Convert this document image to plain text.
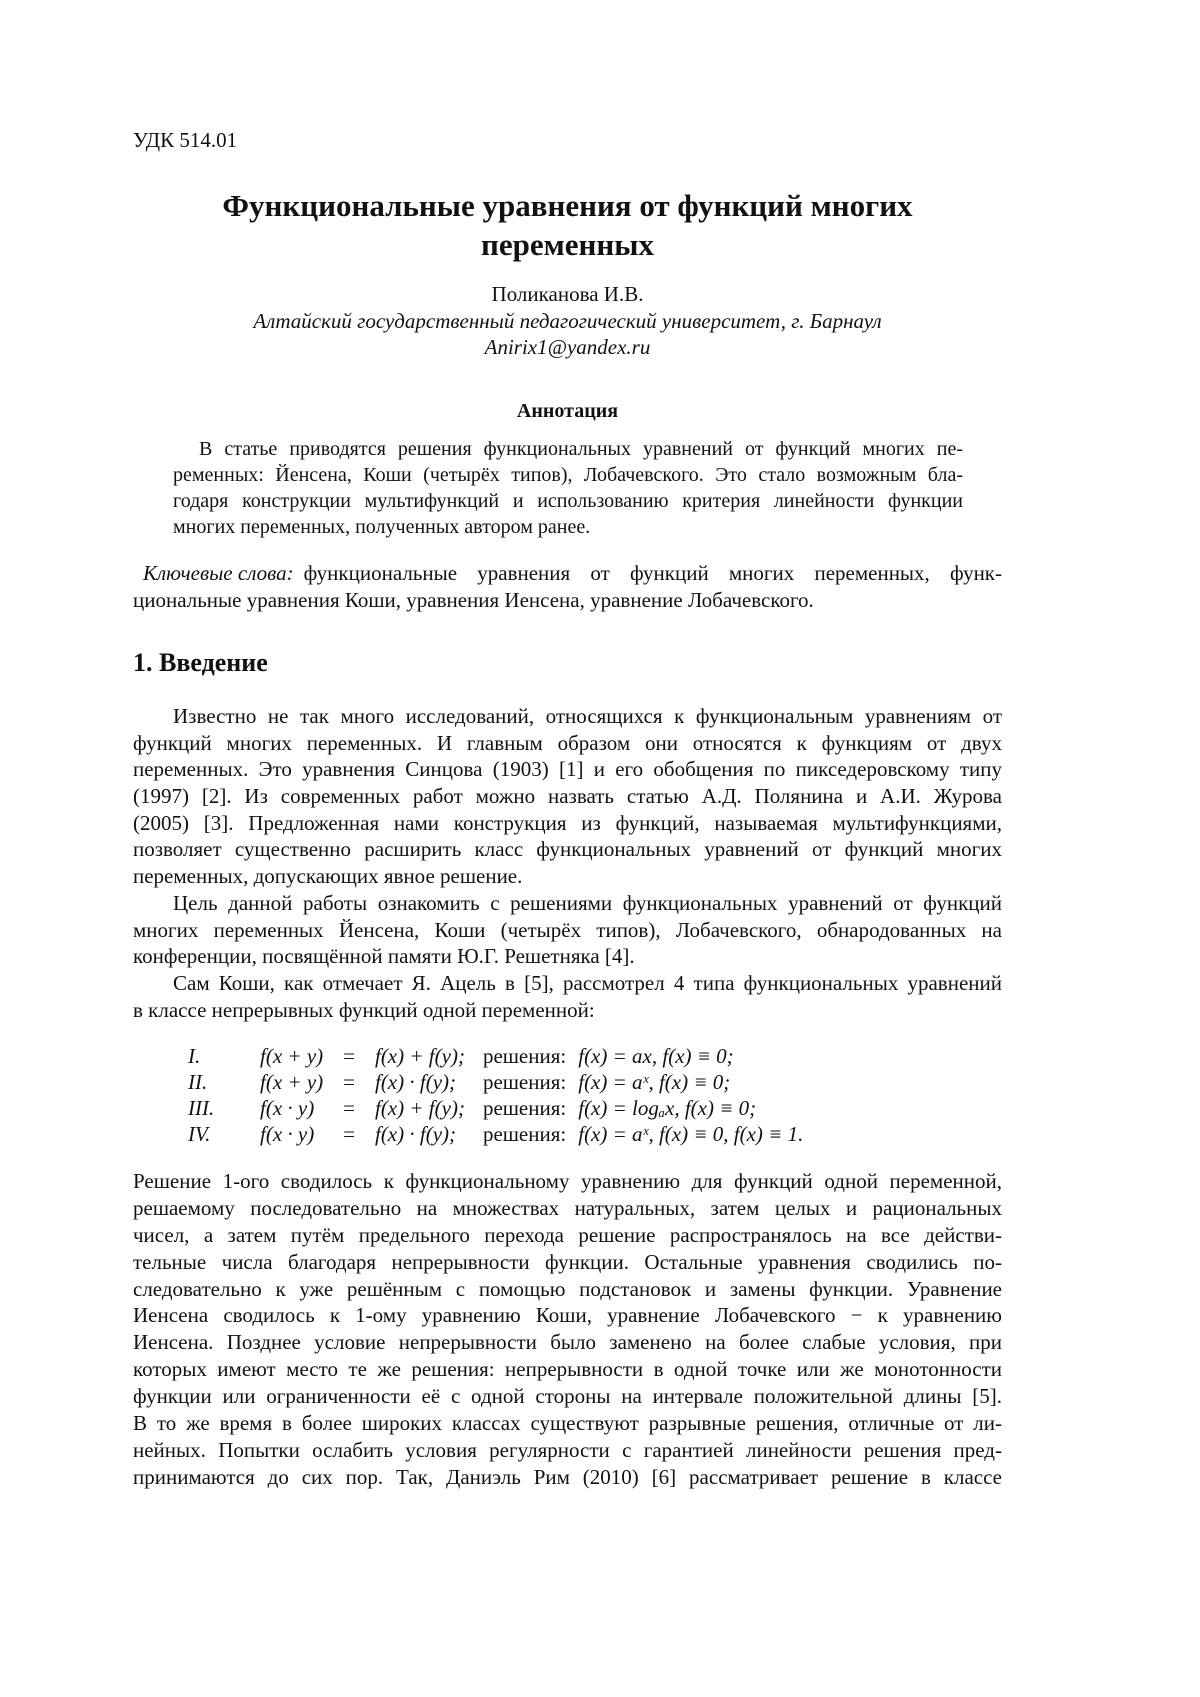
УДК 514.01
Функциональные уравнения от функций многих
переменных
Поликанова И.В.
Алтайский государственный педагогический университет, г. Барнаул
Anirix1@yandex.ru
Аннотация
В статье приводятся решения функциональных уравнений от функций многих пе-
ременных: Йенсена, Коши (четырёх типов), Лобачевского. Это стало возможным бла-
годаря конструкции мультифункций и использованию критерия линейности функции
многих переменных, полученных автором ранее.
Ключевые слова: функциональные уравнения от функций многих переменных, функ-
циональные уравнения Коши, уравнения Иенсена, уравнение Лобачевского.
1. Введение
Известно не так много исследований, относящихся к функциональным уравнениям от
функций многих переменных. И главным образом они относятся к функциям от двух
переменных. Это уравнения Синцова (1903) [1] и его обобщения по пикседеровскому типу
(1997) [2]. Из современных работ можно назвать статью А.Д. Полянина и А.И. Журова
(2005) [3]. Предложенная нами конструкция из функций, называемая мультифункциями,
позволяет существенно расширить класс функциональных уравнений от функций многих
переменных, допускающих явное решение.
Цель данной работы ознакомить с решениями функциональных уравнений от функций
многих переменных Йенсена, Коши (четырёх типов), Лобачевского, обнародованных на
конференции, посвящённой памяти Ю.Г. Решетняка [4].
Сам Коши, как отмечает Я. Ацель в [5], рассмотрел 4 типа функциональных уравнений
в классе непрерывных функций одной переменной:
I.	f(x + y)	=	f(x) + f(y);	решения:	f(x) = ax, f(x) ≡ 0;
II.	f(x + y)	=	f(x) · f(y);	решения:	f(x) = aˣ, f(x) ≡ 0;
III.	f(x · y)	=	f(x) + f(y);	решения:	f(x) = logₐx, f(x) ≡ 0;
IV.	f(x · y)	=	f(x) · f(y);	решения:	f(x) = aˣ, f(x) ≡ 0, f(x) ≡ 1.
Решение 1-ого сводилось к функциональному уравнению для функций одной переменной,
решаемому последовательно на множествах натуральных, затем целых и рациональных
чисел, а затем путём предельного перехода решение распространялось на все действи-
тельные числа благодаря непрерывности функции. Остальные уравнения сводились по-
следовательно к уже решённым с помощью подстановок и замены функции. Уравнение
Иенсена сводилось к 1-ому уравнению Коши, уравнение Лобачевского − к уравнению
Иенсена. Позднее условие непрерывности было заменено на более слабые условия, при
которых имеют место те же решения: непрерывности в одной точке или же монотонности
функции или ограниченности её с одной стороны на интервале положительной длины [5].
В то же время в более широких классах существуют разрывные решения, отличные от ли-
нейных. Попытки ослабить условия регулярности с гарантией линейности решения пред-
принимаются до сих пор. Так, Даниэль Рим (2010) [6] рассматривает решение в классе
